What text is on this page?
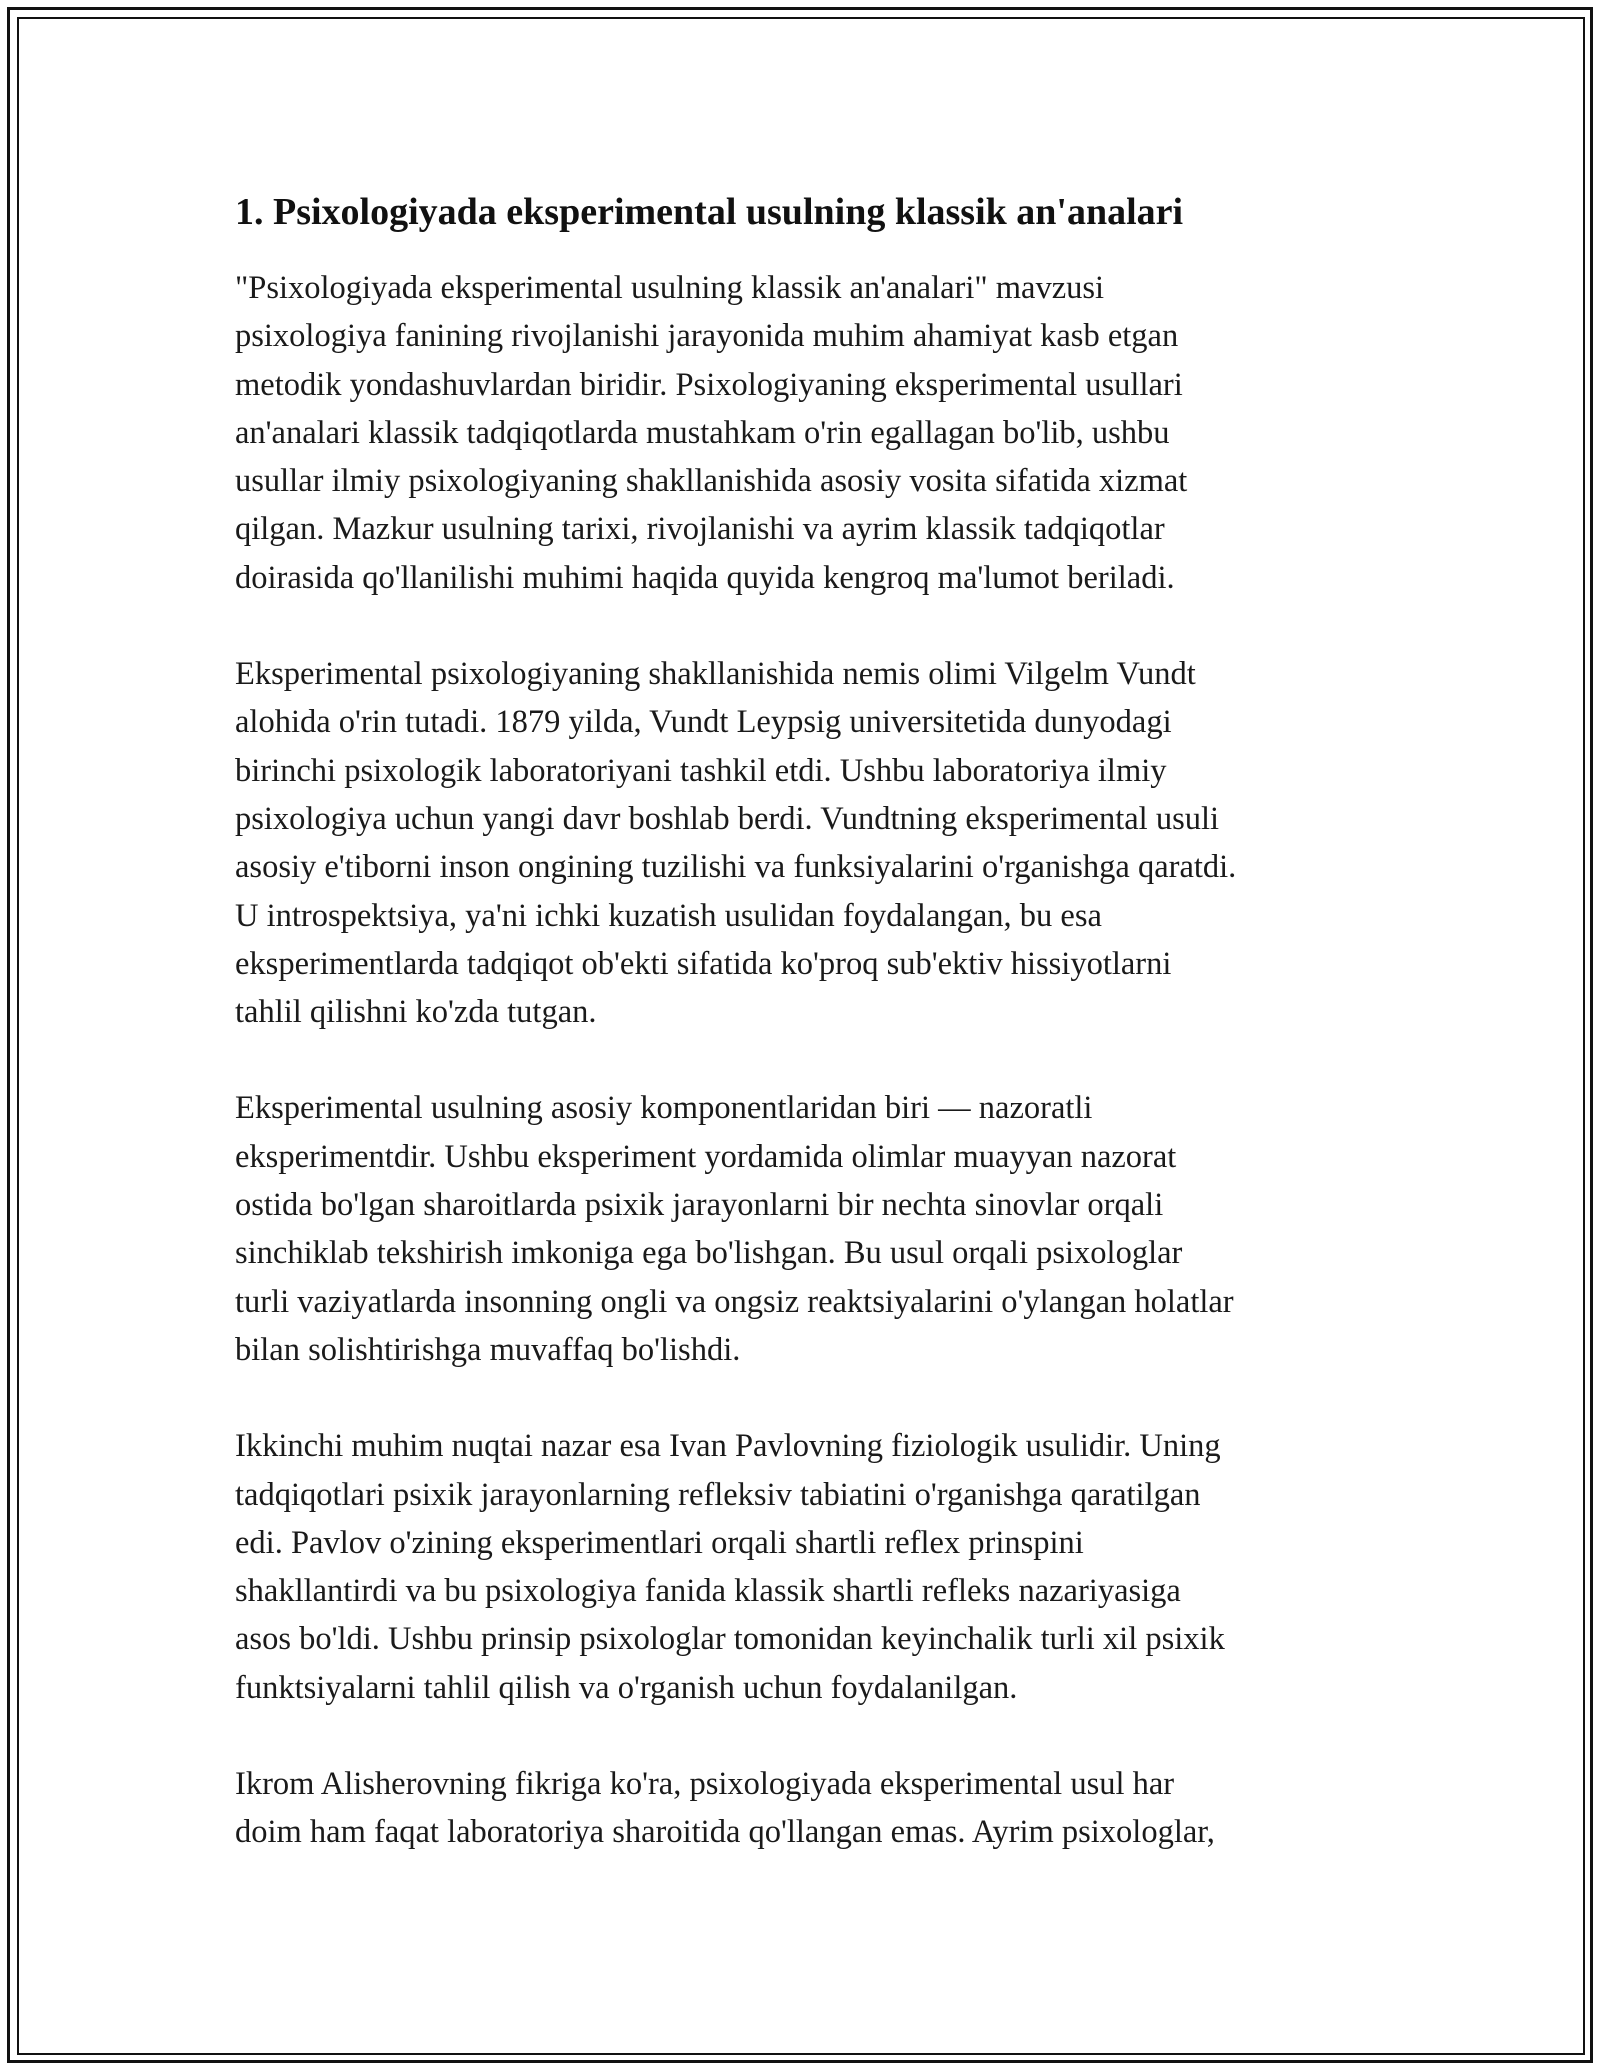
1. Psixologiyada eksperimental usulning klassik an'analari

"Psixologiyada eksperimental usulning klassik an'analari" mavzusi
psixologiya fanining rivojlanishi jarayonida muhim ahamiyat kasb etgan
metodik yondashuvlardan biridir. Psixologiyaning eksperimental usullari
an'analari klassik tadqiqotlarda mustahkam o'rin egallagan bo'lib, ushbu
usullar ilmiy psixologiyaning shakllanishida asosiy vosita sifatida xizmat
qilgan. Mazkur usulning tarixi, rivojlanishi va ayrim klassik tadqiqotlar
doirasida qo'llanilishi muhimi haqida quyida kengroq ma'lumot beriladi.

Eksperimental psixologiyaning shakllanishida nemis olimi Vilgelm Vundt
alohida o'rin tutadi. 1879 yilda, Vundt Leypsig universitetida dunyodagi
birinchi psixologik laboratoriyani tashkil etdi. Ushbu laboratoriya ilmiy
psixologiya uchun yangi davr boshlab berdi. Vundtning eksperimental usuli
asosiy e'tiborni inson ongining tuzilishi va funksiyalarini o'rganishga qaratdi.
U introspektsiya, ya'ni ichki kuzatish usulidan foydalangan, bu esa
eksperimentlarda tadqiqot ob'ekti sifatida ko'proq sub'ektiv hissiyotlarni
tahlil qilishni ko'zda tutgan.

Eksperimental usulning asosiy komponentlaridan biri — nazoratli
eksperimentdir. Ushbu eksperiment yordamida olimlar muayyan nazorat
ostida bo'lgan sharoitlarda psixik jarayonlarni bir nechta sinovlar orqali
sinchiklab tekshirish imkoniga ega bo'lishgan. Bu usul orqali psixologlar
turli vaziyatlarda insonning ongli va ongsiz reaktsiyalarini o'ylangan holatlar
bilan solishtirishga muvaffaq bo'lishdi.

Ikkinchi muhim nuqtai nazar esa Ivan Pavlovning fiziologik usulidir. Uning
tadqiqotlari psixik jarayonlarning refleksiv tabiatini o'rganishga qaratilgan
edi. Pavlov o'zining eksperimentlari orqali shartli reflex prinspini
shakllantirdi va bu psixologiya fanida klassik shartli refleks nazariyasiga
asos bo'ldi. Ushbu prinsip psixologlar tomonidan keyinchalik turli xil psixik
funktsiyalarni tahlil qilish va o'rganish uchun foydalanilgan.

Ikrom Alisherovning fikriga ko'ra, psixologiyada eksperimental usul har
doim ham faqat laboratoriya sharoitida qo'llangan emas. Ayrim psixologlar,
